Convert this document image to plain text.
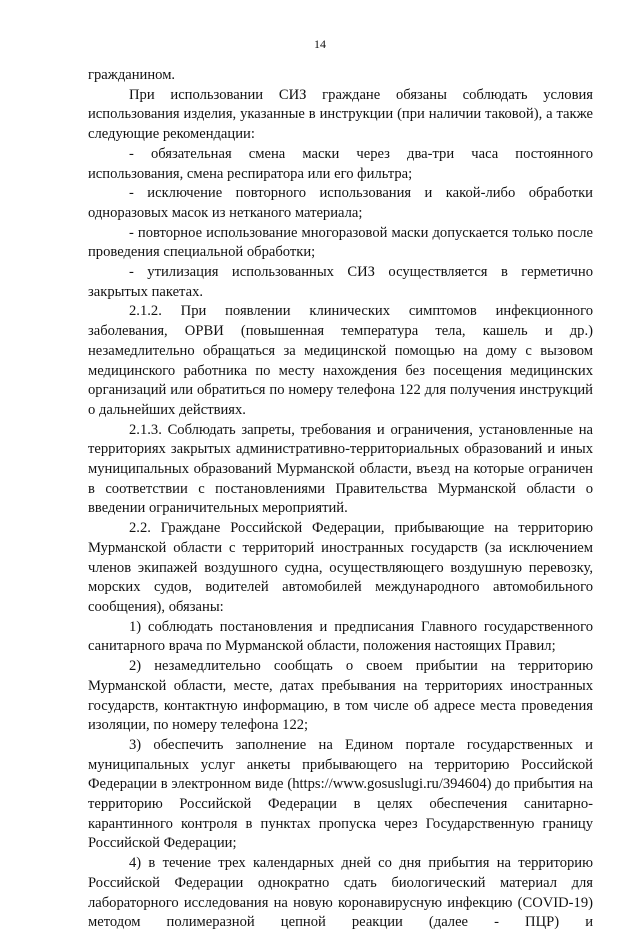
14

гражданином.

При использовании СИЗ граждане обязаны соблюдать условия использования изделия, указанные в инструкции (при наличии таковой), а также следующие рекомендации:

- обязательная смена маски через два-три часа постоянного использования, смена респиратора или его фильтра;

- исключение повторного использования и какой-либо обработки одноразовых масок из нетканого материала;

- повторное использование многоразовой маски допускается только после проведения специальной обработки;

- утилизация использованных СИЗ осуществляется в герметично закрытых пакетах.

2.1.2. При появлении клинических симптомов инфекционного заболевания, ОРВИ (повышенная температура тела, кашель и др.) незамедлительно обращаться за медицинской помощью на дому с вызовом медицинского работника по месту нахождения без посещения медицинских организаций или обратиться по номеру телефона 122 для получения инструкций о дальнейших действиях.

2.1.3. Соблюдать запреты, требования и ограничения, установленные на территориях закрытых административно-территориальных образований и иных муниципальных образований Мурманской области, въезд на которые ограничен в соответствии с постановлениями Правительства Мурманской области о введении ограничительных мероприятий.

2.2. Граждане Российской Федерации, прибывающие на территорию Мурманской области с территорий иностранных государств (за исключением членов экипажей воздушного судна, осуществляющего воздушную перевозку, морских судов, водителей автомобилей международного автомобильного сообщения), обязаны:

1) соблюдать постановления и предписания Главного государственного санитарного врача по Мурманской области, положения настоящих Правил;

2) незамедлительно сообщать о своем прибытии на территорию Мурманской области, месте, датах пребывания на территориях иностранных государств, контактную информацию, в том числе об адресе места проведения изоляции, по номеру телефона 122;

3) обеспечить заполнение на Едином портале государственных и муниципальных услуг анкеты прибывающего на территорию Российской Федерации в электронном виде (https://www.gosuslugi.ru/394604) до прибытия на территорию Российской Федерации в целях обеспечения санитарно-карантинного контроля в пунктах пропуска через Государственную границу Российской Федерации;

4) в течение трех календарных дней со дня прибытия на территорию Российской Федерации однократно сдать биологический материал для лабораторного исследования на новую коронавирусную инфекцию (COVID-19) методом полимеразной цепной реакции (далее - ПЦР) и
